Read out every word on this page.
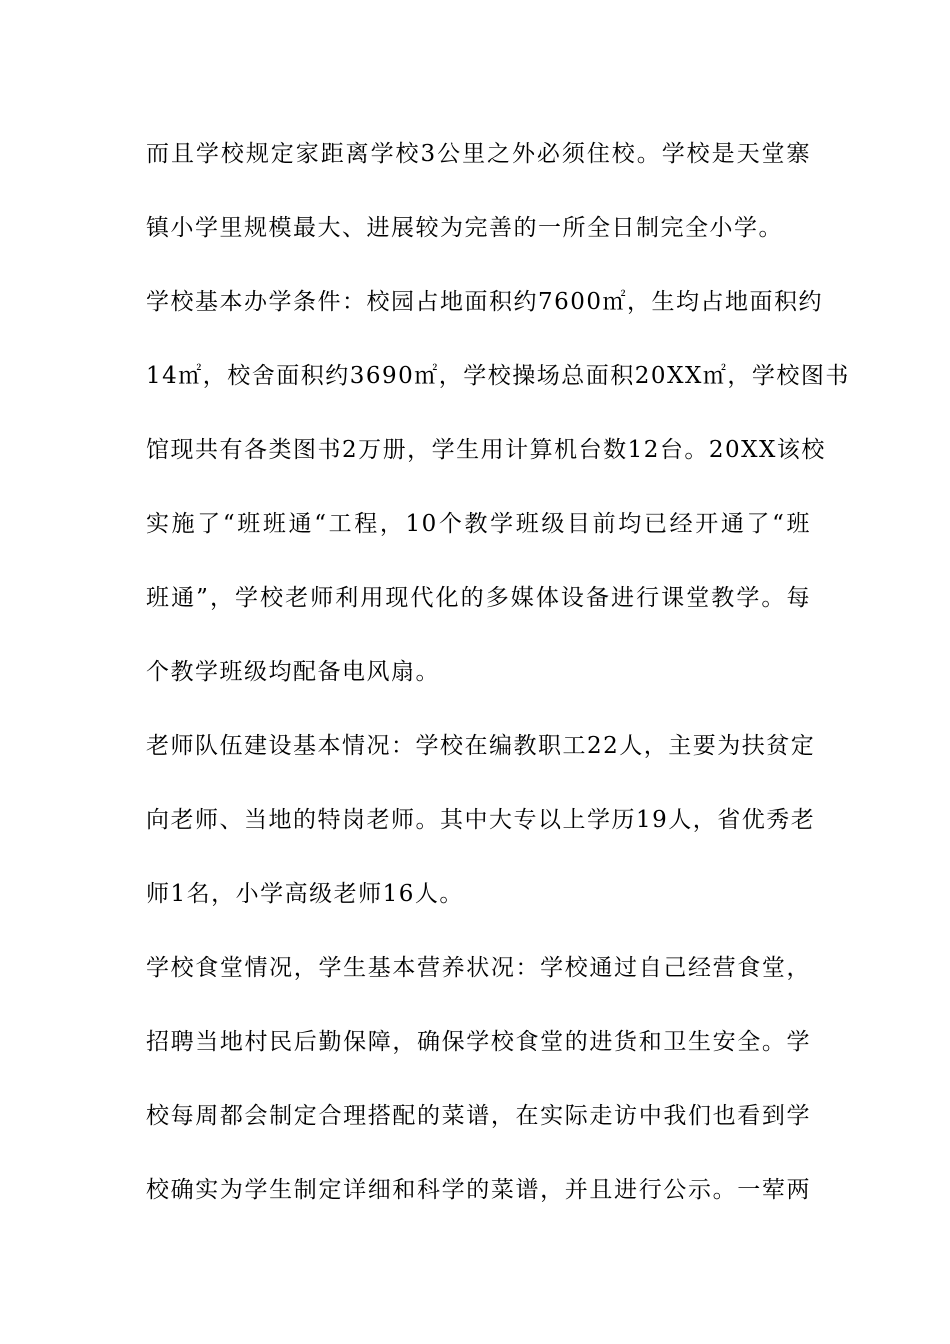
而且学校规定家距离学校3公里之外必须住校。学校是天堂寨
镇小学里规模最大、进展较为完善的一所全日制完全小学。
学校基本办学条件：校园占地面积约7600㎡，生均占地面积约
14㎡，校舍面积约3690㎡，学校操场总面积20XX㎡，学校图书
馆现共有各类图书2万册，学生用计算机台数12台。20XX该校
实施了“班班通“工程，10个教学班级目前均已经开通了“班
班通”，学校老师利用现代化的多媒体设备进行课堂教学。每
个教学班级均配备电风扇。
老师队伍建设基本情况：学校在编教职工22人，主要为扶贫定
向老师、当地的特岗老师。其中大专以上学历19人，省优秀老
师1名，小学高级老师16人。
学校食堂情况，学生基本营养状况：学校通过自己经营食堂，
招聘当地村民后勤保障，确保学校食堂的进货和卫生安全。学
校每周都会制定合理搭配的菜谱，在实际走访中我们也看到学
校确实为学生制定详细和科学的菜谱，并且进行公示。一荤两
